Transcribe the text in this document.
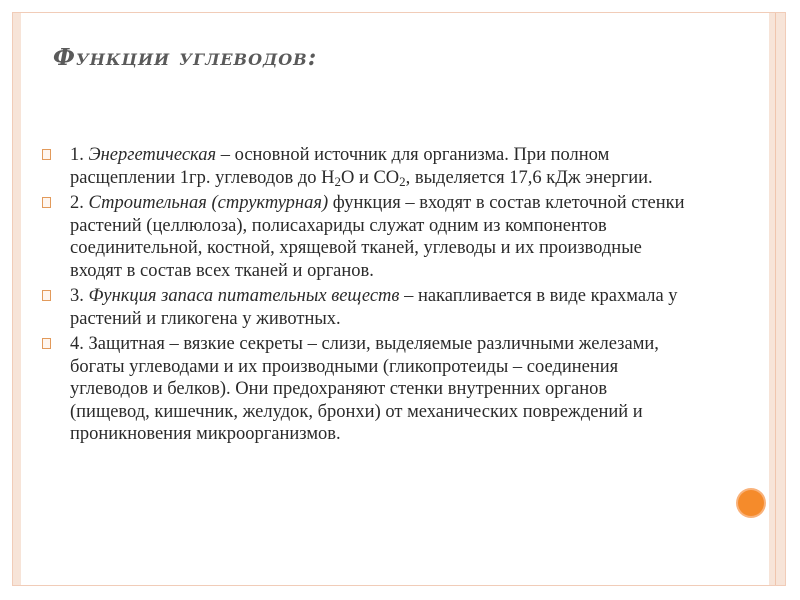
Функции углеводов:
1. Энергетическая – основной источник для организма. При полном расщеплении 1гр. углеводов до $Н_2О$ и $СО_2$, выделяется 17,6 кДж энергии.
2. Строительная (структурная) функция – входят в состав клеточной стенки растений (целлюлоза), полисахариды служат одним из компонентов соединительной, костной, хрящевой тканей, углеводы и их производные входят в состав всех тканей и органов.
3. Функция запаса питательных веществ – накапливается в виде крахмала у растений и гликогена у животных.
4. Защитная – вязкие секреты – слизи, выделяемые различными железами, богаты углеводами и их производными (гликопротеиды – соединения углеводов и белков). Они предохраняют стенки внутренних органов (пищевод, кишечник, желудок, бронхи) от механических повреждений и проникновения микроорганизмов.
